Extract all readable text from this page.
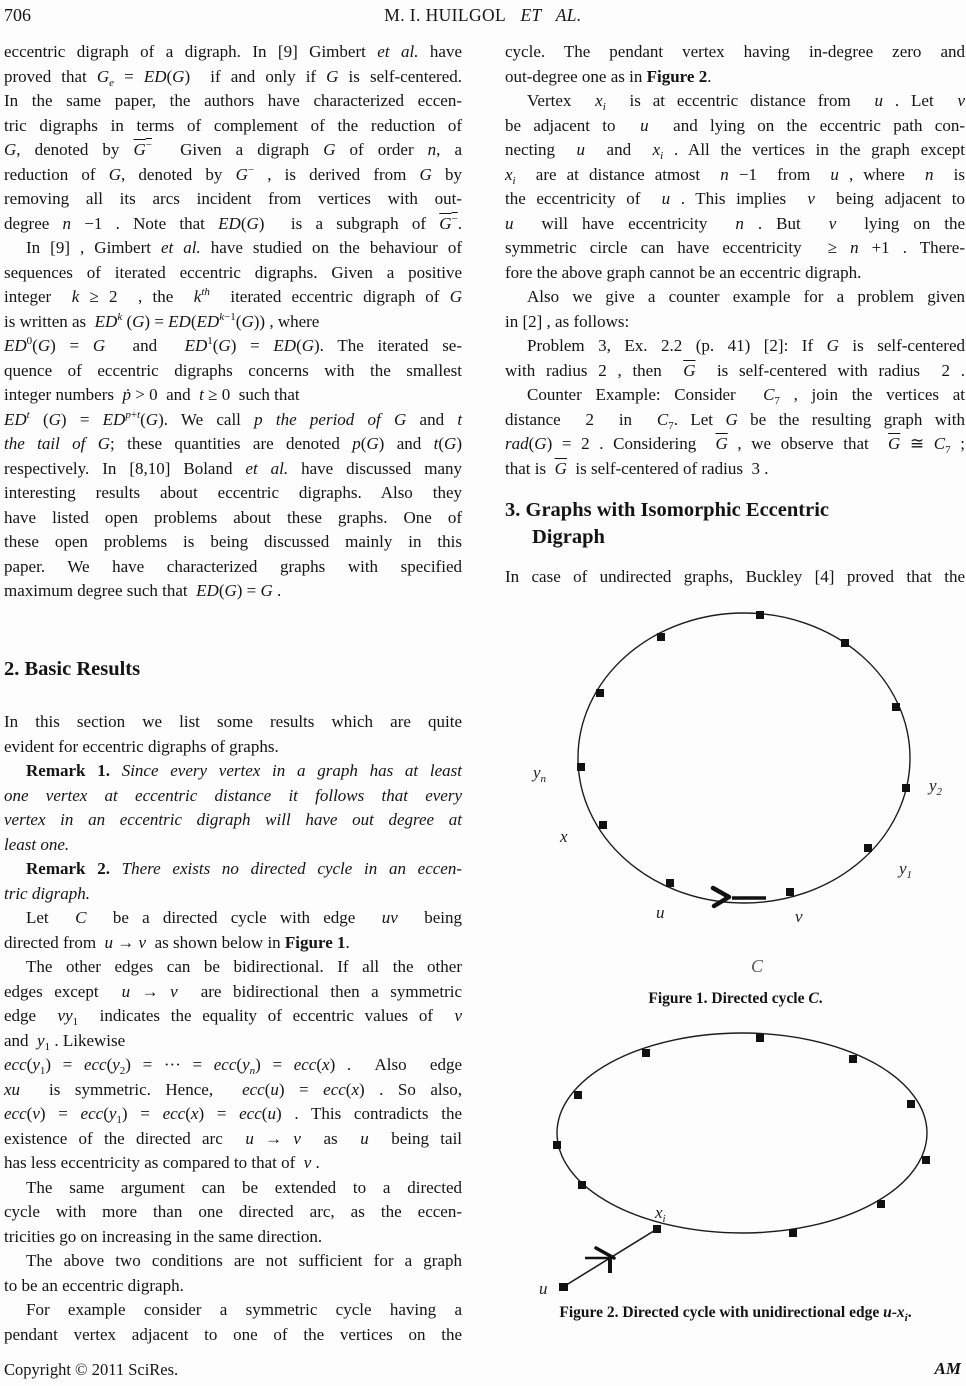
706	M. I. HUILGOL   ET   AL.
eccentric digraph of a digraph. In [9] Gimbert et al. have
proved that $G_e = ED(G)$  if and only if G is self-centered.
In the same paper, the authors have characterized eccen-
tric digraphs in terms of complement of the reduction of
G, denoted by G−  Given a digraph G of order n, a
reduction of G, denoted by G− , is derived from G by
removing all its arcs incident from vertices with out-
degree n −1 . Note that ED(G)  is a subgraph of G−.
In [9] , Gimbert et al. have studied on the behaviour of
sequences of iterated eccentric digraphs. Given a positive
integer  k ≥ 2  , the  $k^{th}$  iterated eccentric digraph of G
is written as  $ED^k$ $(G) = ED(ED^{k-1}(G))$ , where
$ED^0(G) = G$  and  $ED^1(G) = ED(G)$. The iterated se-
quence of eccentric digraphs concerns with the smallest
integer numbers  ṗ > 0  and  t ≥ 0  such that
$ED^t$ $(G) = ED^{p+t}(G)$. We call p the period of G and t
the tail of G; these quantities are denoted p(G) and t(G)
respectively. In [8,10] Boland et al. have discussed many
interesting results about eccentric digraphs. Also they
have listed open problems about these graphs. One of
these open problems is being discussed mainly in this
paper. We have characterized graphs with specified
maximum degree such that  ED(G) = G .
2. Basic Results
In this section we list some results which are quite
evident for eccentric digraphs of graphs.
Remark 1. Since every vertex in a graph has at least
one vertex at eccentric distance it follows that every
vertex in an eccentric digraph will have out degree at
least one.
Remark 2. There exists no directed cycle in an eccen-
tric digraph.
Let  C  be a directed cycle with edge  uv  being
directed from  u → v  as shown below in Figure 1.
The other edges can be bidirectional. If all the other
edges except  u → v  are bidirectional then a symmetric
edge  $vy_1$  indicates the equality of eccentric values of  v
and  $y_1$ . Likewise
$ecc(y_1) = ecc(y_2)$ = ··· = $ecc(y_n) = ecc(x)$ .  Also  edge
xu  is symmetric. Hence,  ecc(u) = ecc(x) . So also,
$ecc(v) = ecc(y_1) = ecc(x) = ecc(u)$ . This contradicts the
existence of the directed arc  u → v  as  u  being tail
has less eccentricity as compared to that of  v .
The same argument can be extended to a directed
cycle with more than one directed arc, as the eccen-
tricities go on increasing in the same direction.
The above two conditions are not sufficient for a graph
to be an eccentric digraph.
For example consider a symmetric cycle having a
pendant vertex adjacent to one of the vertices on the
cycle. The pendant vertex having in-degree zero and
out-degree one as in Figure 2.
Vertex  $x_i$  is at eccentric distance from  u . Let  v
be adjacent to  u  and lying on the eccentric path con-
necting  u  and  $x_i$ . All the vertices in the graph except
$x_i$  are at distance atmost  n −1  from  u , where  n  is
the eccentricity of  u . This implies  v  being adjacent to
u  will have eccentricity  n . But  v  lying on the
symmetric circle can have eccentricity  ≥ n +1 . There-
fore the above graph cannot be an eccentric digraph.
Also we give a counter example for a problem given
in [2] , as follows:
Problem 3, Ex. 2.2 (p. 41) [2]: If G is self-centered
with radius 2 , then  $\overline{G}$  is self-centered with radius  2 .
Counter Example: Consider  $C_7$ , join the vertices at
distance  2  in  $C_7$. Let G be the resulting graph with
rad(G) = 2 . Considering  $\overline{G}$ , we observe that  $\overline{G}$ ≅ $C_7$ ;
that is  $\overline{G}$  is self-centered of radius  3 .
3. Graphs with Isomorphic Eccentric
Digraph
In case of undirected graphs, Buckley [4] proved that the
$y_n$
x
u	v
$y_1$
$y_2$
C
Figure 1. Directed cycle C.
u
$x_i$
Figure 2. Directed cycle with unidirectional edge $u-x_i$.
Copyright © 2011 SciRes.	AM
